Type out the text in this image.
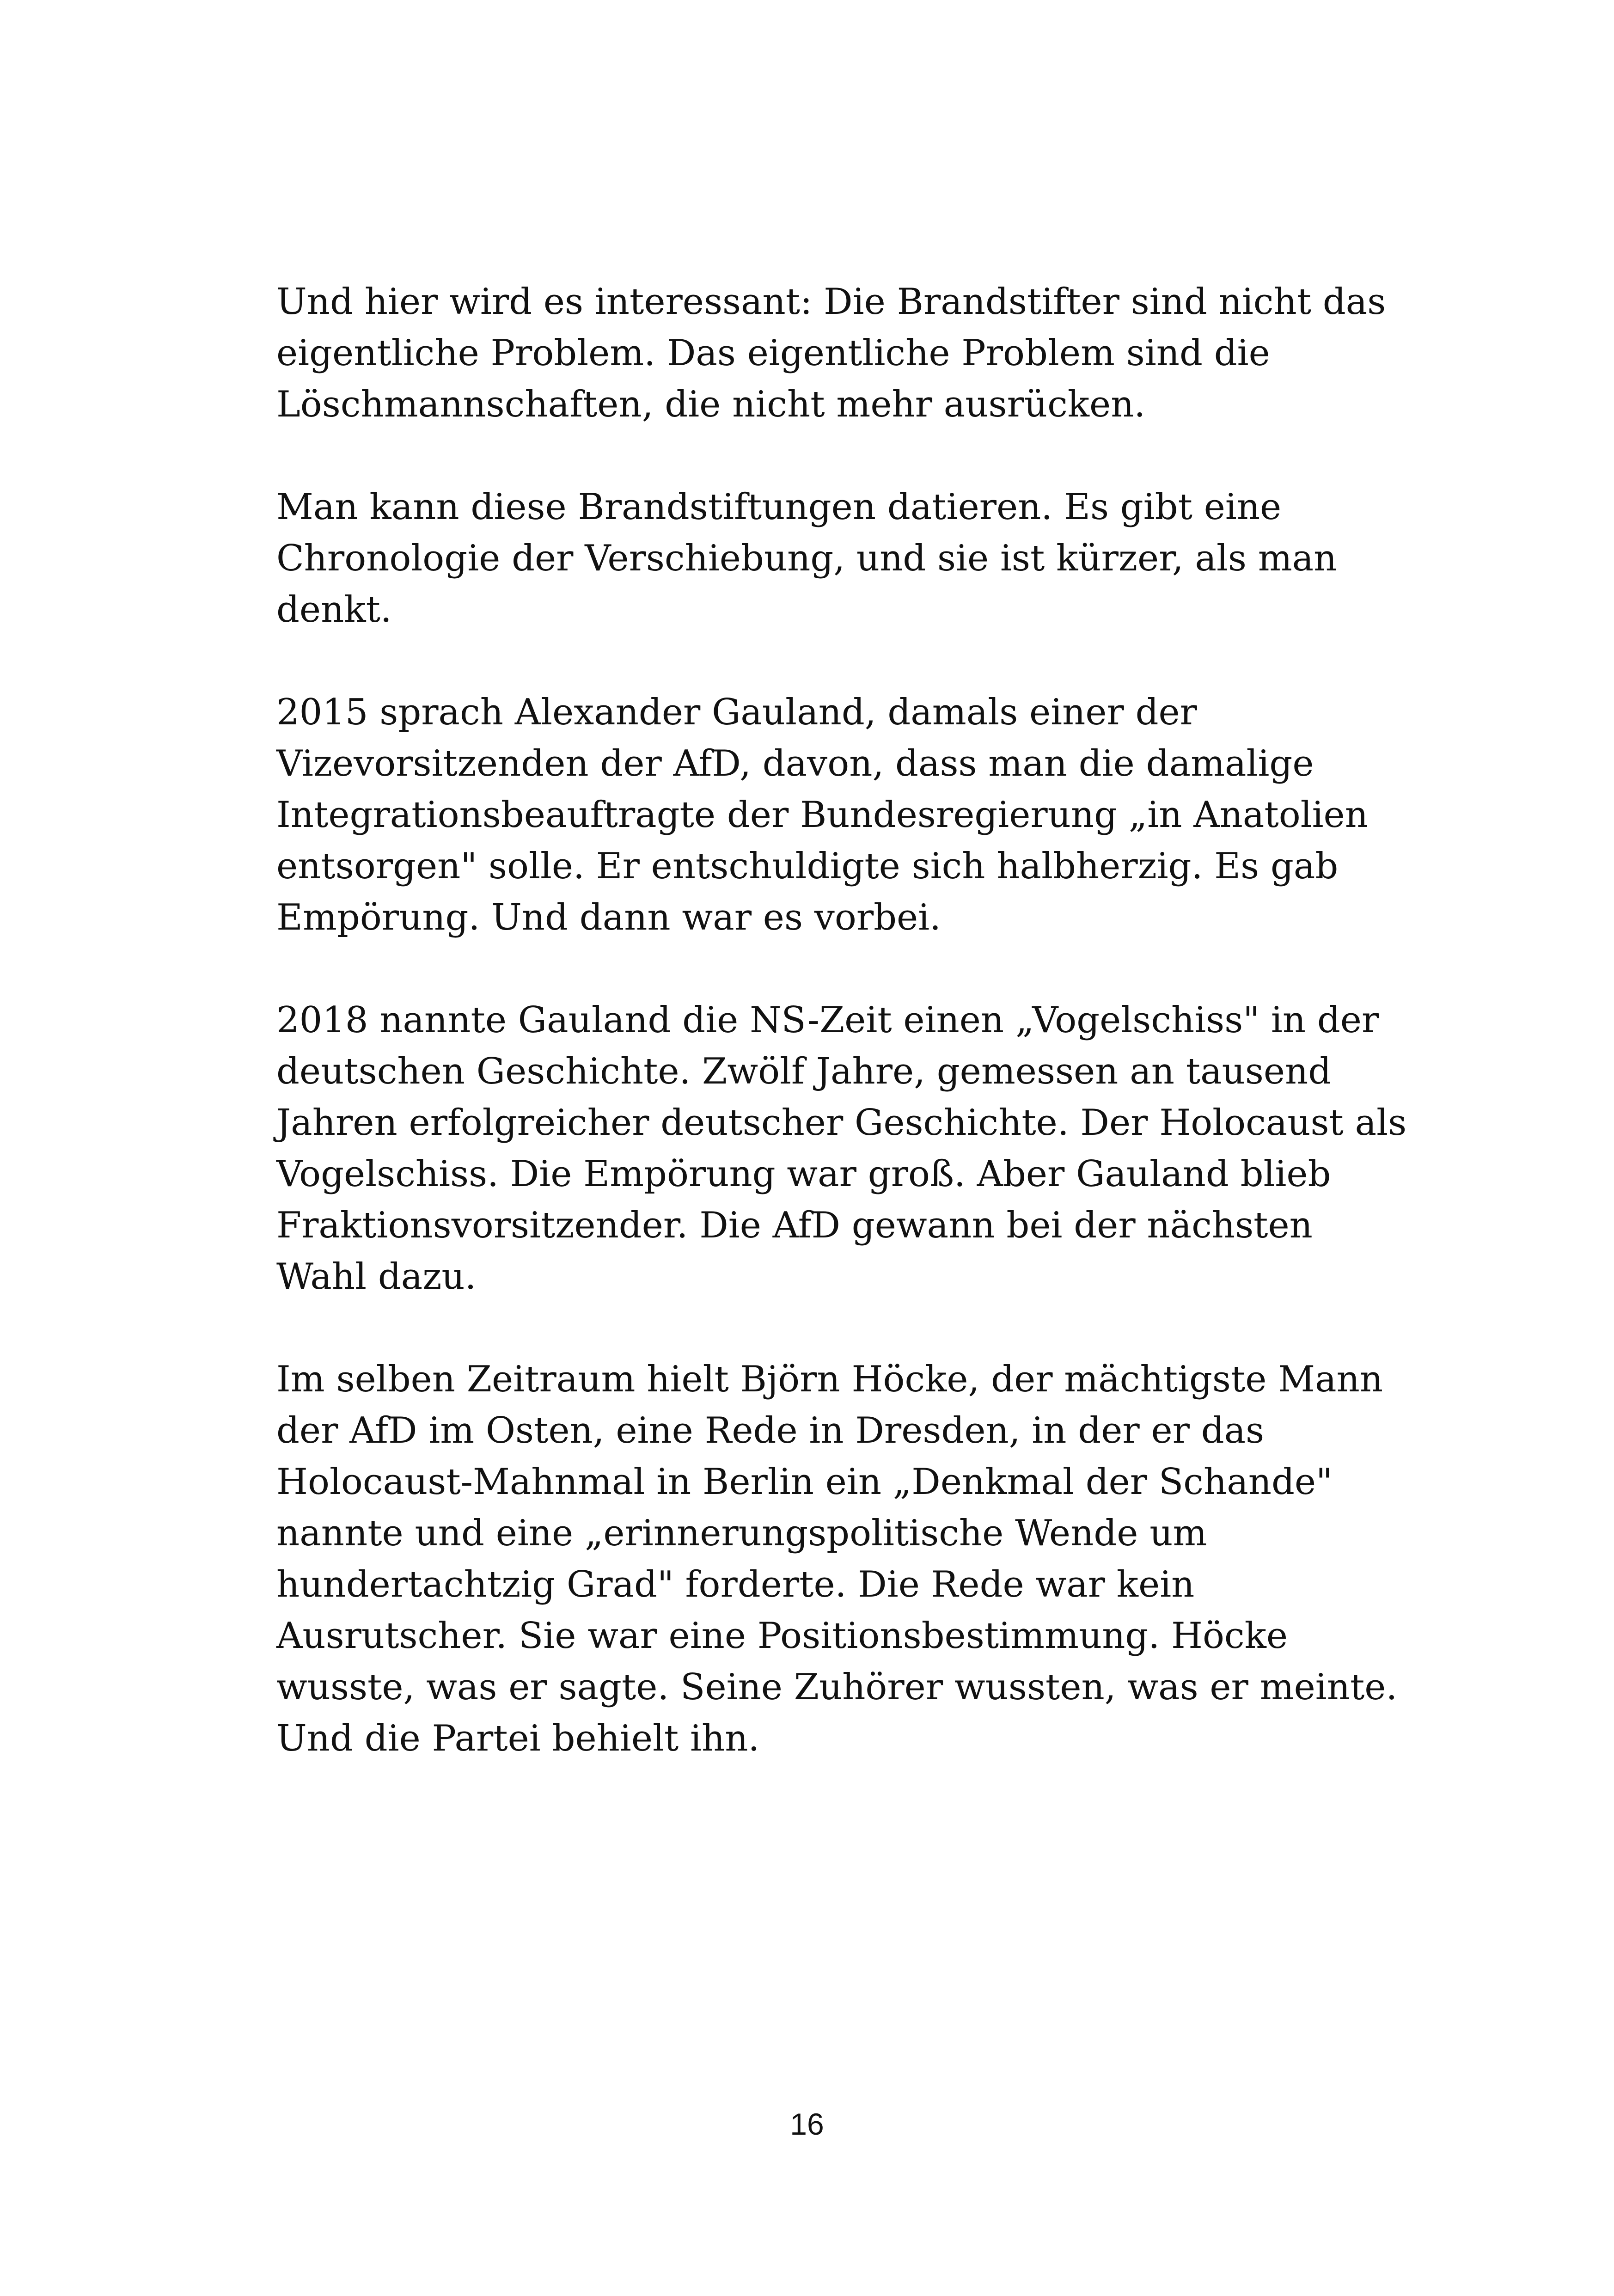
Und hier wird es interessant: Die Brandstifter sind nicht das
eigentliche Problem. Das eigentliche Problem sind die
Löschmannschaften, die nicht mehr ausrücken.

Man kann diese Brandstiftungen datieren. Es gibt eine
Chronologie der Verschiebung, und sie ist kürzer, als man
denkt.

2015 sprach Alexander Gauland, damals einer der
Vizevorsitzenden der AfD, davon, dass man die damalige
Integrationsbeauftragte der Bundesregierung „in Anatolien
entsorgen" solle. Er entschuldigte sich halbherzig. Es gab
Empörung. Und dann war es vorbei.

2018 nannte Gauland die NS-Zeit einen „Vogelschiss" in der
deutschen Geschichte. Zwölf Jahre, gemessen an tausend
Jahren erfolgreicher deutscher Geschichte. Der Holocaust als
Vogelschiss. Die Empörung war groß. Aber Gauland blieb
Fraktionsvorsitzender. Die AfD gewann bei der nächsten
Wahl dazu.

Im selben Zeitraum hielt Björn Höcke, der mächtigste Mann
der AfD im Osten, eine Rede in Dresden, in der er das
Holocaust-Mahnmal in Berlin ein „Denkmal der Schande"
nannte und eine „erinnerungspolitische Wende um
hundertachtzig Grad" forderte. Die Rede war kein
Ausrutscher. Sie war eine Positionsbestimmung. Höcke
wusste, was er sagte. Seine Zuhörer wussten, was er meinte.
Und die Partei behielt ihn.

16
